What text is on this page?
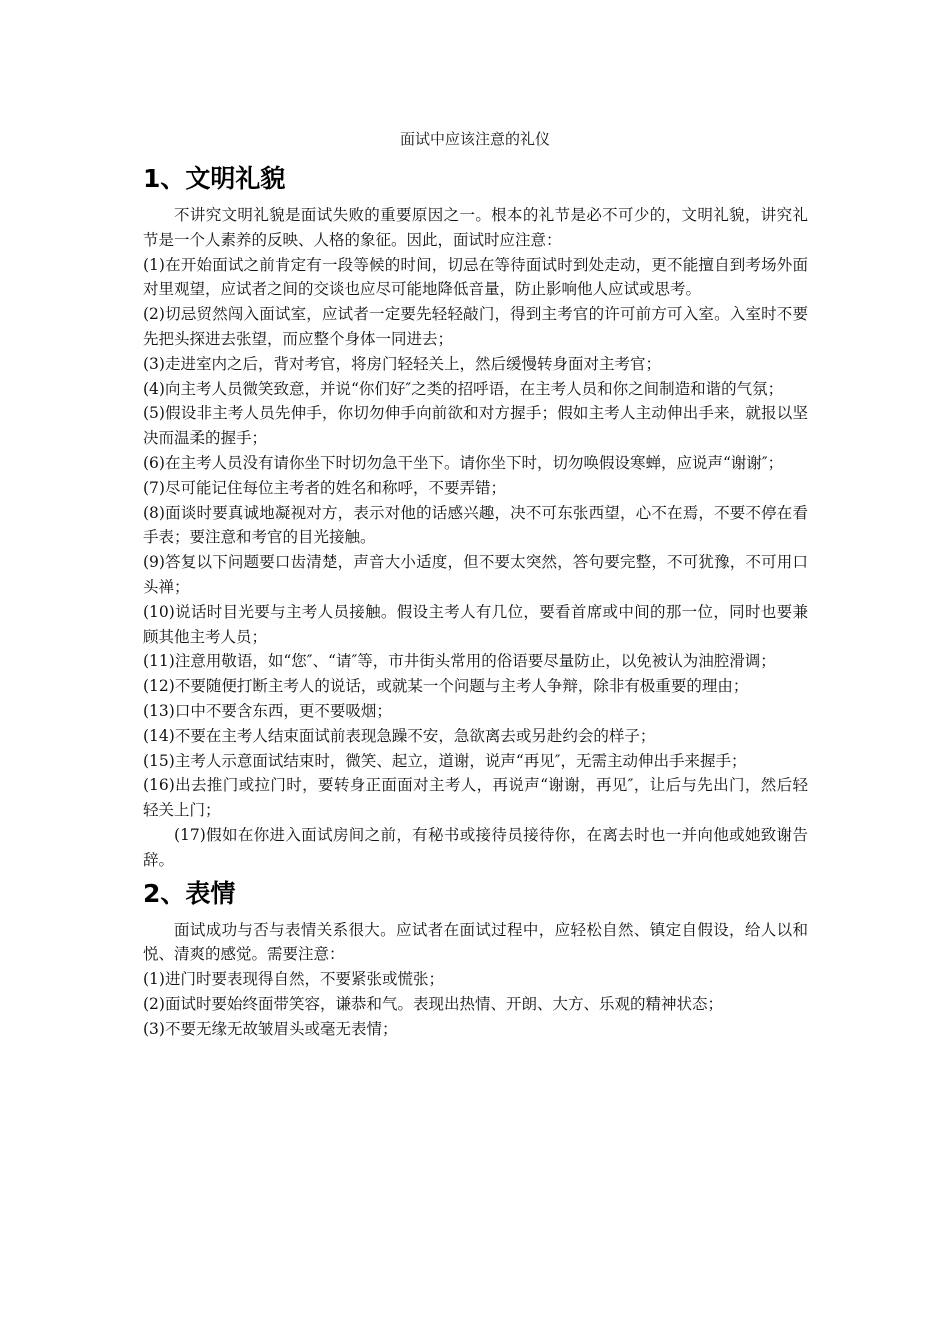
面试中应该注意的礼仪
1、文明礼貌

不讲究文明礼貌是面试失败的重要原因之一。根本的礼节是必不可少的，文明礼貌，讲究礼节是一个人素养的反映、人格的象征。因此，面试时应注意：

(1)在开始面试之前肯定有一段等候的时间，切忌在等待面试时到处走动，更不能擅自到考场外面对里观望，应试者之间的交谈也应尽可能地降低音量，防止影响他人应试或思考。

(2)切忌贸然闯入面试室，应试者一定要先轻轻敲门，得到主考官的许可前方可入室。入室时不要先把头探进去张望，而应整个身体一同进去；

(3)走进室内之后，背对考官，将房门轻轻关上，然后缓慢转身面对主考官；

(4)向主考人员微笑致意，并说“你们好″之类的招呼语，在主考人员和你之间制造和谐的气氛；

(5)假设非主考人员先伸手，你切勿伸手向前欲和对方握手；假如主考人主动伸出手来，就报以坚决而温柔的握手；

(6)在主考人员没有请你坐下时切勿急干坐下。请你坐下时，切勿唤假设寒蝉，应说声“谢谢″；

(7)尽可能记住每位主考者的姓名和称呼，不要弄错；

(8)面谈时要真诚地凝视对方，表示对他的话感兴趣，决不可东张西望，心不在焉，不要不停在看手表；要注意和考官的目光接触。

(9)答复以下问题要口齿清楚，声音大小适度，但不要太突然，答句要完整，不可犹豫，不可用口头禅；

(10)说话时目光要与主考人员接触。假设主考人有几位，要看首席或中间的那一位，同时也要兼顾其他主考人员；

(11)注意用敬语，如“您″、“请″等，市井街头常用的俗语要尽量防止，以免被认为油腔滑调；

(12)不要随便打断主考人的说话，或就某一个问题与主考人争辩，除非有极重要的理由；

(13)口中不要含东西，更不要吸烟；

(14)不要在主考人结束面试前表现急躁不安，急欲离去或另赴约会的样子；

(15)主考人示意面试结束时，微笑、起立，道谢，说声“再见″，无需主动伸出手来握手；

(16)出去推门或拉门时，要转身正面面对主考人，再说声“谢谢，再见″，让后与先出门，然后轻轻关上门；

(17)假如在你进入面试房间之前，有秘书或接待员接待你，在离去时也一并向他或她致谢告辞。

2、表情

面试成功与否与表情关系很大。应试者在面试过程中，应轻松自然、镇定自假设，给人以和悦、清爽的感觉。需要注意：

(1)进门时要表现得自然，不要紧张或慌张；

(2)面试时要始终面带笑容，谦恭和气。表现出热情、开朗、大方、乐观的精神状态；

(3)不要无缘无故皱眉头或毫无表情；
